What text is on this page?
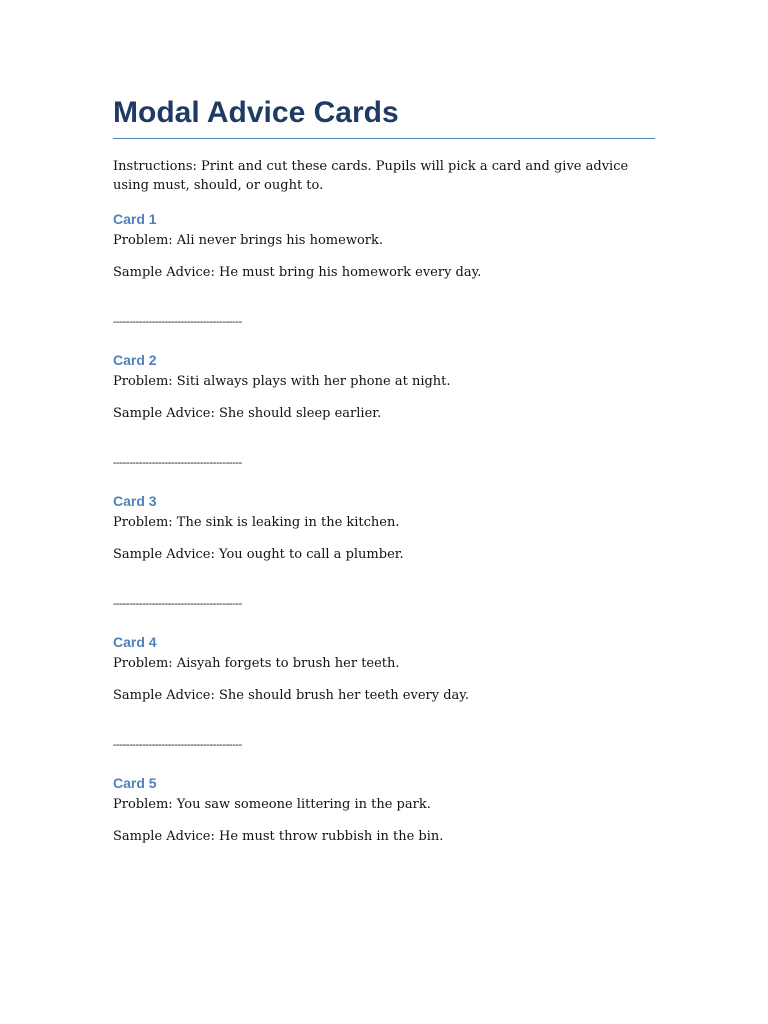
Modal Advice Cards

Instructions: Print and cut these cards. Pupils will pick a card and give advice using must, should, or ought to.

Card 1

Problem: Ali never brings his homework.

Sample Advice: He must bring his homework every day.

----------------------------------------
Card 2

Problem: Siti always plays with her phone at night.

Sample Advice: She should sleep earlier.

----------------------------------------
Card 3

Problem: The sink is leaking in the kitchen.

Sample Advice: You ought to call a plumber.

----------------------------------------
Card 4

Problem: Aisyah forgets to brush her teeth.

Sample Advice: She should brush her teeth every day.

----------------------------------------
Card 5

Problem: You saw someone littering in the park.

Sample Advice: He must throw rubbish in the bin.
